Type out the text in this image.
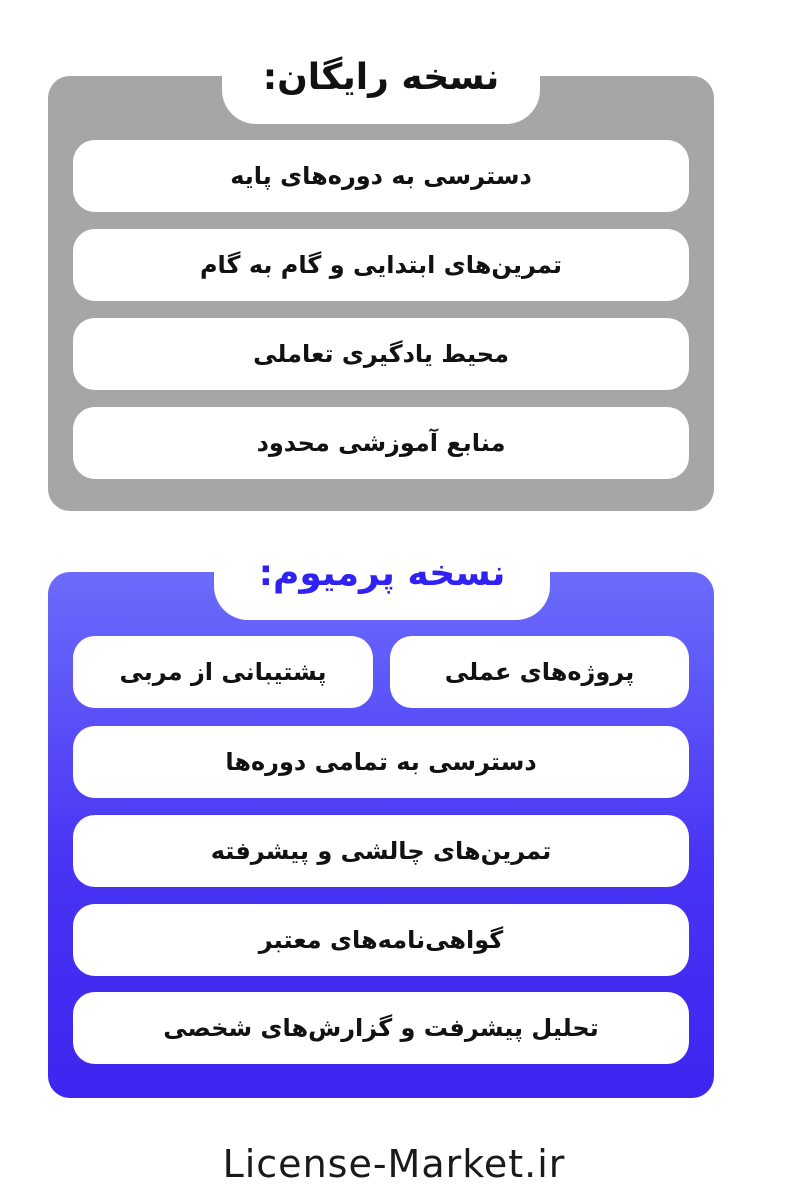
نسخه رایگان:
دسترسی به دوره‌های پایه
تمرین‌های ابتدایی و گام به گام
محیط یادگیری تعاملی
منابع آموزشی محدود
نسخه پرمیوم:
پروژه‌های عملی
پشتیبانی از مربی
دسترسی به تمامی دوره‌ها
تمرین‌های چالشی و پیشرفته
گواهی‌نامه‌های معتبر
تحلیل پیشرفت و گزارش‌های شخصی
License-Market.ir
